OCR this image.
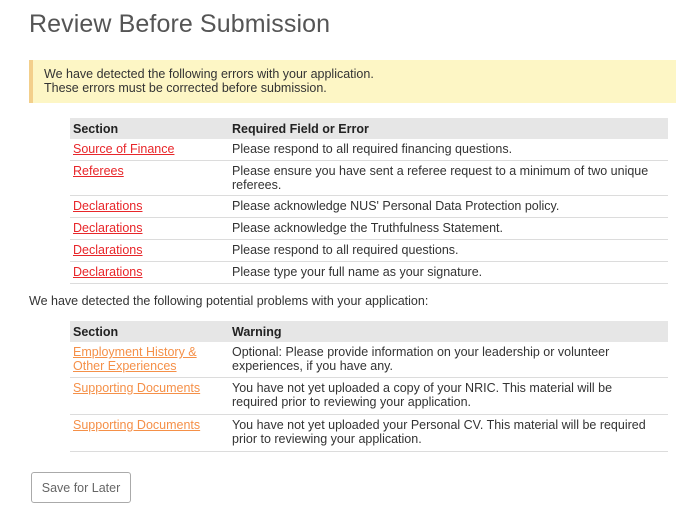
Review Before Submission
We have detected the following errors with your application.
These errors must be corrected before submission.
Section	Required Field or Error
Source of Finance	Please respond to all required financing questions.
Referees	Please ensure you have sent a referee request to a minimum of two unique referees.
Declarations	Please acknowledge NUS' Personal Data Protection policy.
Declarations	Please acknowledge the Truthfulness Statement.
Declarations	Please respond to all required questions.
Declarations	Please type your full name as your signature.
We have detected the following potential problems with your application:
Section	Warning
Employment History & Other Experiences	Optional: Please provide information on your leadership or volunteer experiences, if you have any.
Supporting Documents	You have not yet uploaded a copy of your NRIC. This material will be required prior to reviewing your application.
Supporting Documents	You have not yet uploaded your Personal CV. This material will be required prior to reviewing your application.
Save for Later
